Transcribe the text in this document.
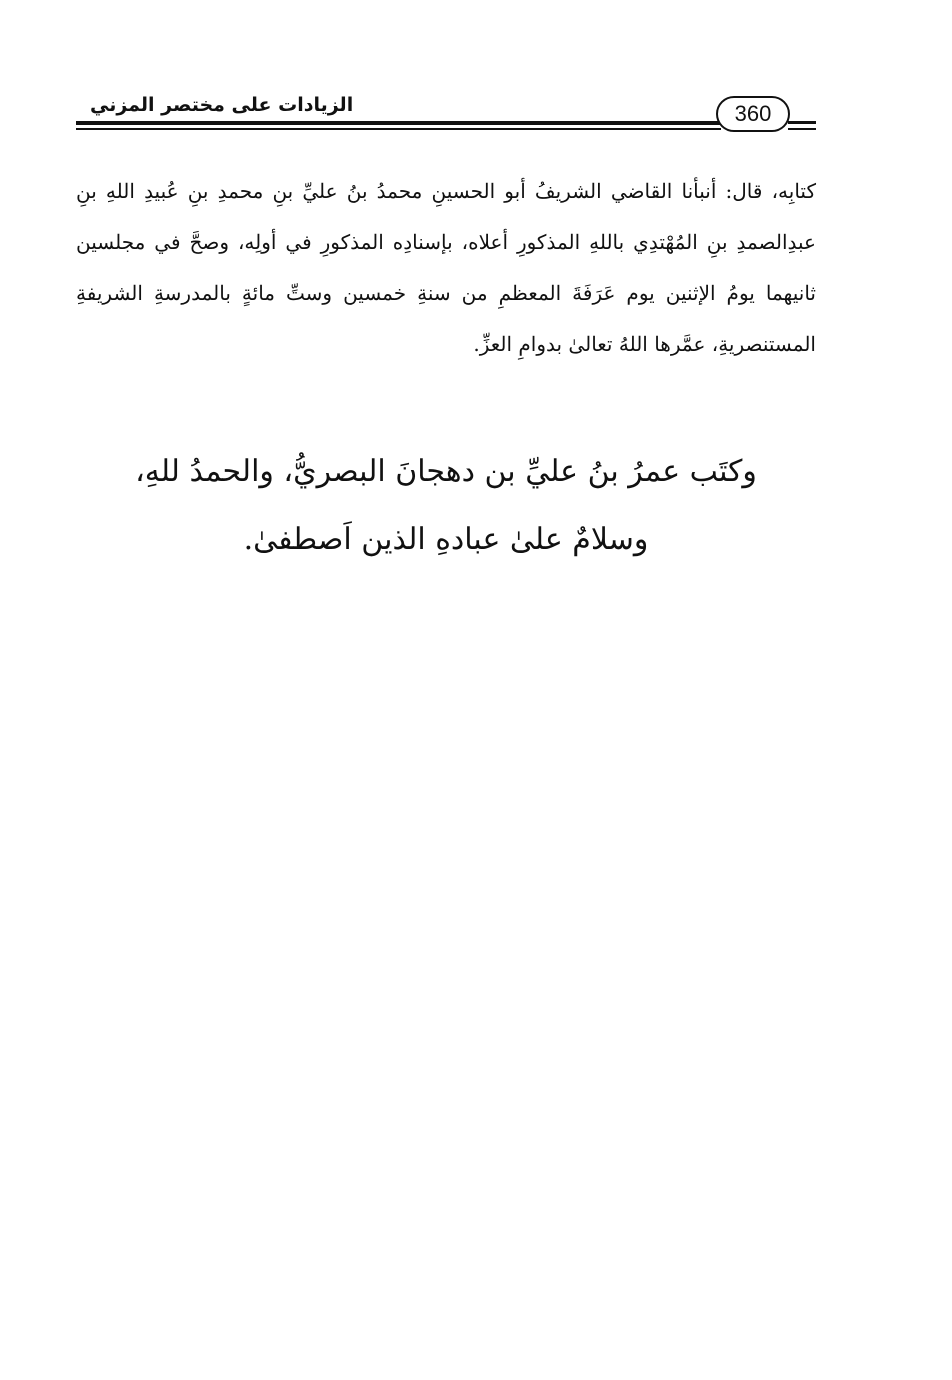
الزيادات على مختصر المزني	360

كتابِه، قال: أنبأنا القاضي الشريفُ أبو الحسينِ محمدُ بنُ عليِّ بنِ محمدِ بنِ عُبيدِ اللهِ بنِ عبدِالصمدِ بنِ المُهْتدِي باللهِ المذكورِ أعلاه، بإسنادِه المذكورِ في أولِه، وصحَّ في مجلسين ثانيهما يومُ الإثنين يوم عَرَفَةَ المعظمِ من سنةِ خمسين وستِّ مائةٍ بالمدرسةِ الشريفةِ المستنصريةِ، عمَّرها اللهُ تعالىٰ بدوامِ العزِّ.

وكتَب عمرُ بنُ عليِّ بن دهجانَ البصريُّ، والحمدُ للهِ،

وسلامٌ علىٰ عبادهِ الذين اَصطفىٰ.
